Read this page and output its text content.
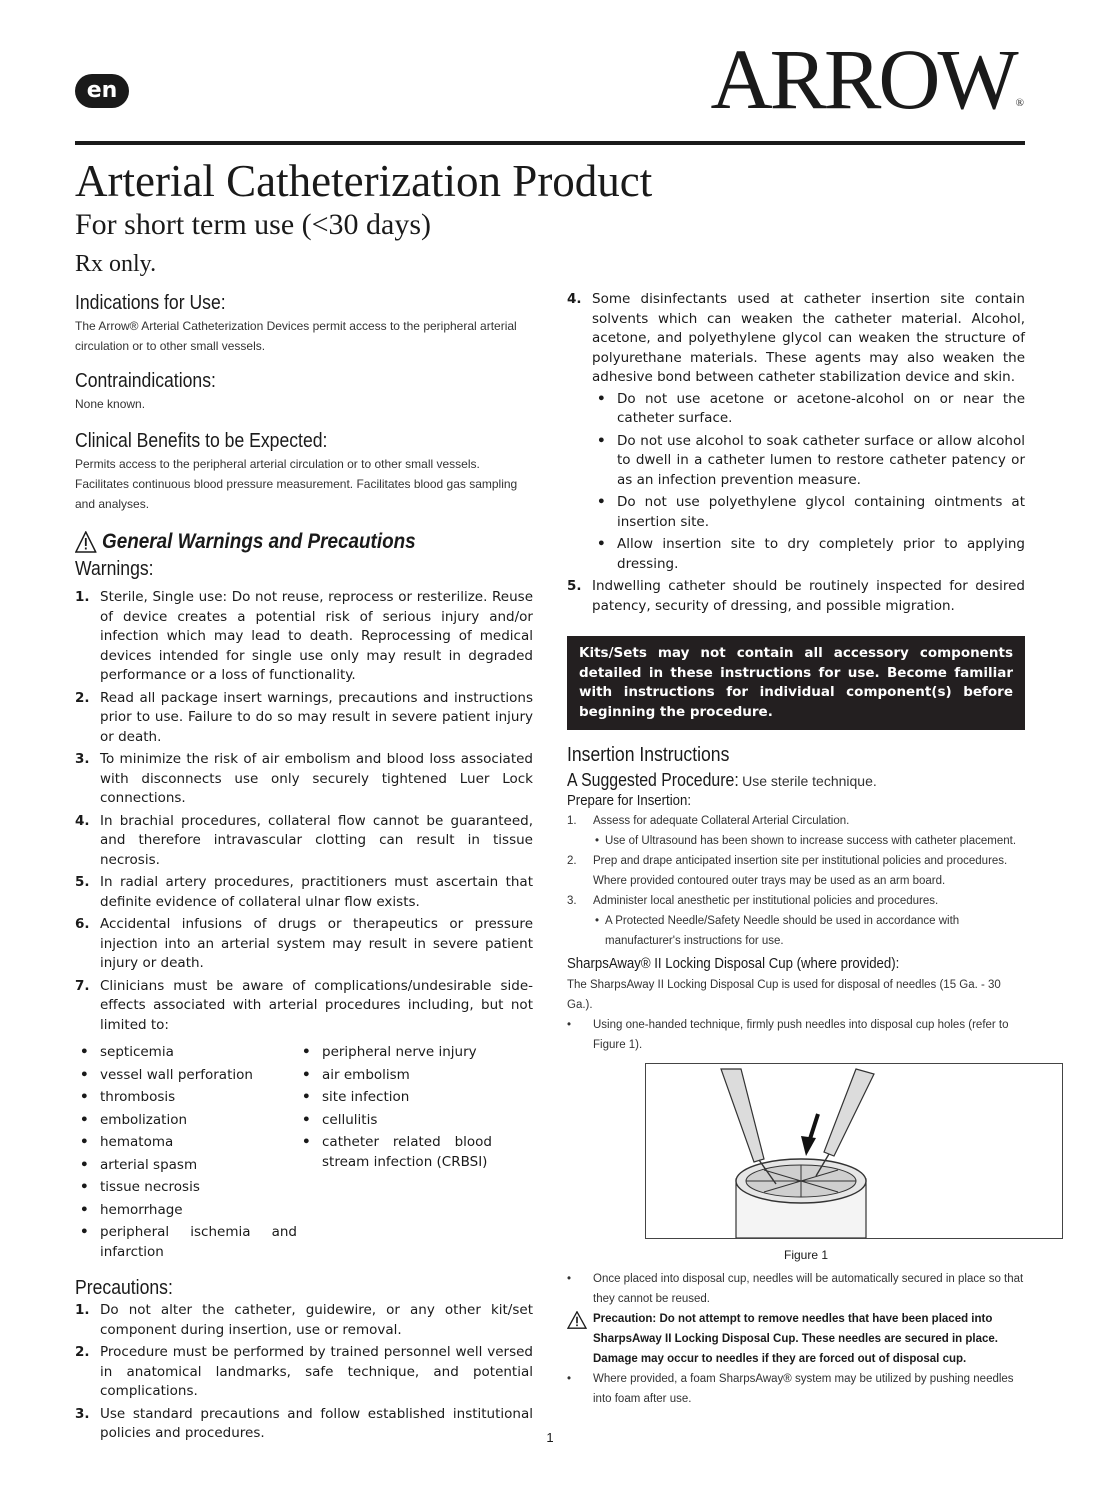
en	ARROW®
Arterial Catheterization Product
For short term use (<30 days)
Rx only.
Indications for Use:

The Arrow® Arterial Catheterization Devices permit access to the peripheral arterial circulation or to other small vessels.

Contraindications:

None known.

Clinical Benefits to be Expected:

Permits access to the peripheral arterial circulation or to other small vessels. Facilitates continuous blood pressure measurement. Facilitates blood gas sampling and analyses.

General Warnings and Precautions
Warnings:
1. Sterile, Single use: Do not reuse, reprocess or resterilize. Reuse of device creates a potential risk of serious injury and/or infection which may lead to death. Reprocessing of medical devices intended for single use only may result in degraded performance or a loss of functionality.
2. Read all package insert warnings, precautions and instructions prior to use. Failure to do so may result in severe patient injury or death.
3. To minimize the risk of air embolism and blood loss associated with disconnects use only securely tightened Luer Lock connections.
4. In brachial procedures, collateral flow cannot be guaranteed, and therefore intravascular clotting can result in tissue necrosis.
5. In radial artery procedures, practitioners must ascertain that definite evidence of collateral ulnar flow exists.
6. Accidental infusions of drugs or therapeutics or pressure injection into an arterial system may result in severe patient injury or death.
7. Clinicians must be aware of complications/undesirable side-effects associated with arterial procedures including, but not limited to:
• septicemia
• vessel wall perforation
• thrombosis
• embolization
• hematoma
• arterial spasm
• tissue necrosis
• hemorrhage
• peripheral ischemia and infarction
• peripheral nerve injury
• air embolism
• site infection
• cellulitis
• catheter related blood stream infection (CRBSI)
Precautions:
1. Do not alter the catheter, guidewire, or any other kit/set component during insertion, use or removal.
2. Procedure must be performed by trained personnel well versed in anatomical landmarks, safe technique, and potential complications.
3. Use standard precautions and follow established institutional policies and procedures.
4. Some disinfectants used at catheter insertion site contain solvents which can weaken the catheter material. Alcohol, acetone, and polyethylene glycol can weaken the structure of polyurethane materials. These agents may also weaken the adhesive bond between catheter stabilization device and skin.
• Do not use acetone or acetone-alcohol on or near the catheter surface.
• Do not use alcohol to soak catheter surface or allow alcohol to dwell in a catheter lumen to restore catheter patency or as an infection prevention measure.
• Do not use polyethylene glycol containing ointments at insertion site.
• Allow insertion site to dry completely prior to applying dressing.
5. Indwelling catheter should be routinely inspected for desired patency, security of dressing, and possible migration.
Kits/Sets may not contain all accessory components detailed in these instructions for use. Become familiar with instructions for individual component(s) before beginning the procedure.
Insertion Instructions
A Suggested Procedure: Use sterile technique.
Prepare for Insertion:
1. Assess for adequate Collateral Arterial Circulation.
• Use of Ultrasound has been shown to increase success with catheter placement.
2. Prep and drape anticipated insertion site per institutional policies and procedures. Where provided contoured outer trays may be used as an arm board.
3. Administer local anesthetic per institutional policies and procedures.
• A Protected Needle/Safety Needle should be used in accordance with manufacturer's instructions for use.
SharpsAway® II Locking Disposal Cup (where provided):
The SharpsAway II Locking Disposal Cup is used for disposal of needles (15 Ga. - 30 Ga.).
• Using one-handed technique, firmly push needles into disposal cup holes (refer to Figure 1).
Figure 1
• Once placed into disposal cup, needles will be automatically secured in place so that they cannot be reused.
Precaution: Do not attempt to remove needles that have been placed into SharpsAway II Locking Disposal Cup. These needles are secured in place. Damage may occur to needles if they are forced out of disposal cup.
• Where provided, a foam SharpsAway® system may be utilized by pushing needles into foam after use.
1
